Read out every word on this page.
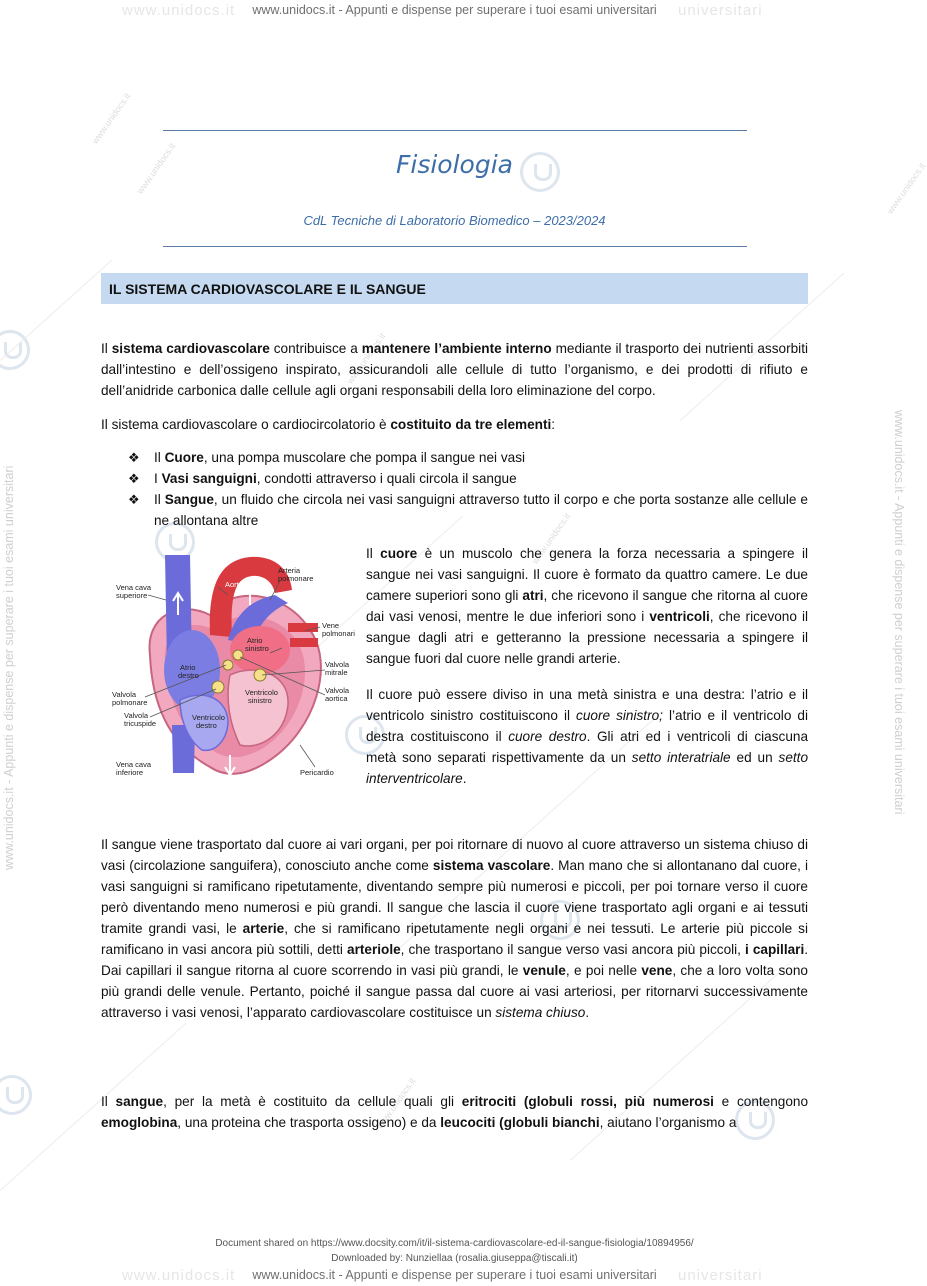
www.unidocs.it - Appunti e dispense per superare i tuoi esami universitari
www.unidocs.it	universitari
www.unidocs.it - Appunti e dispense per superare i tuoi esami universitari
www.unidocs.it	universitari
www.unidocs.it - Appunti e dispense per superare i tuoi esami universitari	www.unidocs.it - Appunti e dispense per superare i tuoi esami universitari
www.unidocs.it
www.unidocs.it
www.unidocs.it
www.unidocs.it
www.unidocs.it
www.unidocs.it
Fisiologia
CdL Tecniche di Laboratorio Biomedico – 2023/2024
IL SISTEMA CARDIOVASCOLARE E IL SANGUE
Il sistema cardiovascolare contribuisce a mantenere l’ambiente interno mediante il trasporto dei nutrienti assorbiti dall’intestino e dell’ossigeno inspirato, assicurandoli alle cellule di tutto l’organismo, e dei prodotti di rifiuto e dell’anidride carbonica dalle cellule agli organi responsabili della loro eliminazione del corpo.
Il sistema cardiovascolare o cardiocircolatorio è costituito da tre elementi:
❖ Il Cuore, una pompa muscolare che pompa il sangue nei vasi
❖ I Vasi sanguigni, condotti attraverso i quali circola il sangue
❖ Il Sangue, un fluido che circola nei vasi sanguigni attraverso tutto il corpo e che porta sostanze alle cellule e ne allontana altre
Vena cava superiore
Aorta
Arteria polmonare
Vene polmonari
Atrio sinistro
Atrio destro
Valvola mitrale
Valvola aortica
Valvola polmonare
Valvola tricuspide
Ventricolo sinistro
Ventricolo destro
Vena cava inferiore	Pericardio
Il cuore è un muscolo che genera la forza necessaria a spingere il sangue nei vasi sanguigni. Il cuore è formato da quattro camere. Le due camere superiori sono gli atri, che ricevono il sangue che ritorna al cuore dai vasi venosi, mentre le due inferiori sono i ventricoli, che ricevono il sangue dagli atri e getteranno la pressione necessaria a spingere il sangue fuori dal cuore nelle grandi arterie.
Il cuore può essere diviso in una metà sinistra e una destra: l’atrio e il ventricolo sinistro costituiscono il cuore sinistro; l’atrio e il ventricolo di destra costituiscono il cuore destro. Gli atri ed i ventricoli di ciascuna metà sono separati rispettivamente da un setto interatriale ed un setto interventricolare.
Il sangue viene trasportato dal cuore ai vari organi, per poi ritornare di nuovo al cuore attraverso un sistema chiuso di vasi (circolazione sanguifera), conosciuto anche come sistema vascolare. Man mano che si allontanano dal cuore, i vasi sanguigni si ramificano ripetutamente, diventando sempre più numerosi e piccoli, per poi tornare verso il cuore però diventando meno numerosi e più grandi. Il sangue che lascia il cuore viene trasportato agli organi e ai tessuti tramite grandi vasi, le arterie, che si ramificano ripetutamente negli organi e nei tessuti. Le arterie più piccole si ramificano in vasi ancora più sottili, detti arteriole, che trasportano il sangue verso vasi ancora più piccoli, i capillari. Dai capillari il sangue ritorna al cuore scorrendo in vasi più grandi, le venule, e poi nelle vene, che a loro volta sono più grandi delle venule. Pertanto, poiché il sangue passa dal cuore ai vasi arteriosi, per ritornarvi successivamente attraverso i vasi venosi, l’apparato cardiovascolare costituisce un sistema chiuso.
Il sangue, per la metà è costituito da cellule quali gli eritrociti (globuli rossi, più numerosi e contengono emoglobina, una proteina che trasporta ossigeno) e da leucociti (globuli bianchi, aiutano l’organismo a
Document shared on https://www.docsity.com/it/il-sistema-cardiovascolare-ed-il-sangue-fisiologia/10894956/
Downloaded by: Nunziellaa (rosalia.giuseppa@tiscali.it)
